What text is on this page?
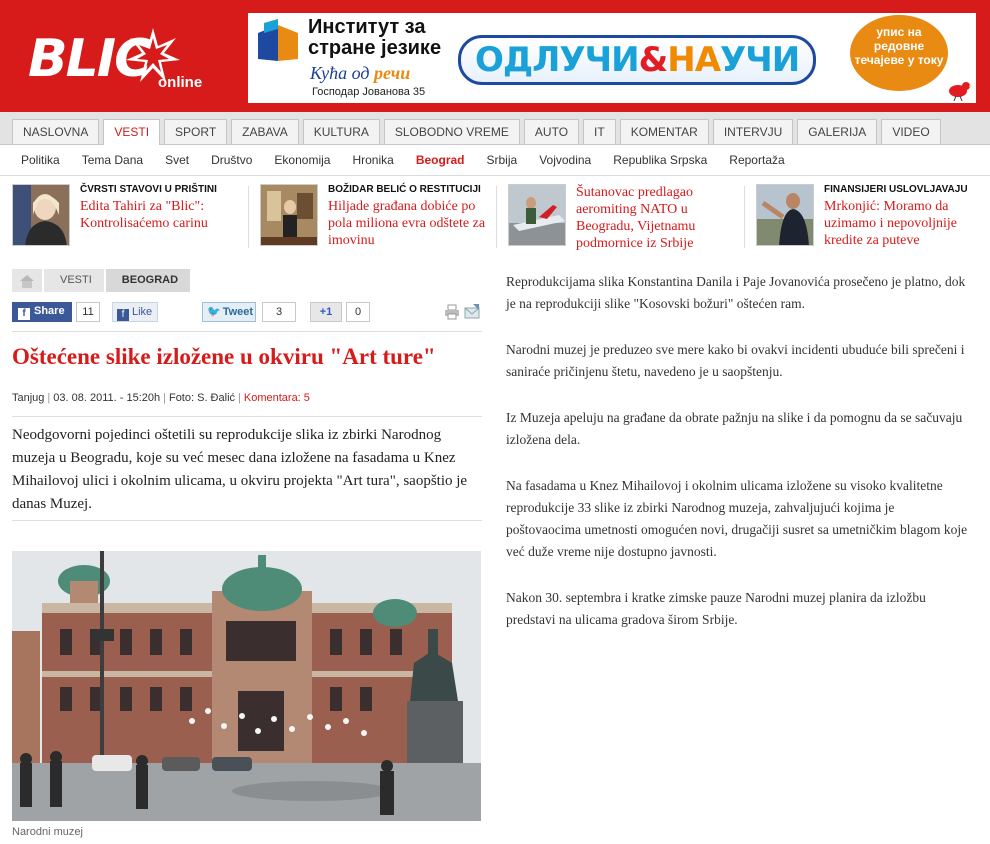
BLIC online
Институт за
стране језике
Кућа од речи
Господар Јованова 35
ОДЛУЧИ&НАУЧИ
упис на редовне течајеве у току
NASLOVNA	VESTI	SPORT	ZABAVA	KULTURA	SLOBODNO VREME	AUTO	IT	KOMENTAR	INTERVJU	GALERIJA	VIDEO
Politika Tema Dana Svet Društvo Ekonomija Hronika Beograd Srbija Vojvodina Republika Srpska Reportaža
ČVRSTI STAVOVI U PRIŠTINI
Edita Tahiri za "Blic": Kontrolisaćemo carinu
BOŽIDAR BELIĆ O RESTITUCIJI
Hiljade građana dobiće po pola miliona evra odštete za imovinu
Šutanovac predlagao aeromiting NATO u Beogradu, Vijetnamu podmornice iz Srbije
FINANSIJERI USLOVLJAVAJU
Mrkonjić: Moramo da uzimamo i nepovoljnije kredite za puteve
VESTI	BEOGRAD
f Share	11	f Like	🐦 Tweet	3	+1	0
Oštećene slike izložene u okviru "Art ture"
Tanjug | 03. 08. 2011. - 15:20h | Foto: S. Đalić | Komentara: 5

Neodgovorni pojedinci oštetili su reprodukcije slika iz zbirki Narodnog muzeja u Beogradu, koje su već mesec dana izložene na fasadama u Knez Mihailovoj ulici i okolnim ulicama, u okviru projekta "Art tura", saopštio je danas Muzej.

Narodni muzej

Reprodukcijama slika Konstantina Danila i Paje Jovanovića prosečeno je platno, dok je na reprodukciji slike "Kosovski božuri" oštećen ram.

Narodni muzej je preduzeo sve mere kako bi ovakvi incidenti ubuduće bili sprečeni i saniraće pričinjenu štetu, navedeno je u saopštenju.

Iz Muzeja apeluju na građane da obrate pažnju na slike i da pomognu da se sačuvaju izložena dela.

Na fasadama u Knez Mihailovoj i okolnim ulicama izložene su visoko kvalitetne reprodukcije 33 slike iz zbirki Narodnog muzeja, zahvaljujući kojima je poštovaocima umetnosti omogućen novi, drugačiji susret sa umetničkim blagom koje već duže vreme nije dostupno javnosti.

Nakon 30. septembra i kratke zimske pauze Narodni muzej planira da izložbu predstavi na ulicama gradova širom Srbije.
